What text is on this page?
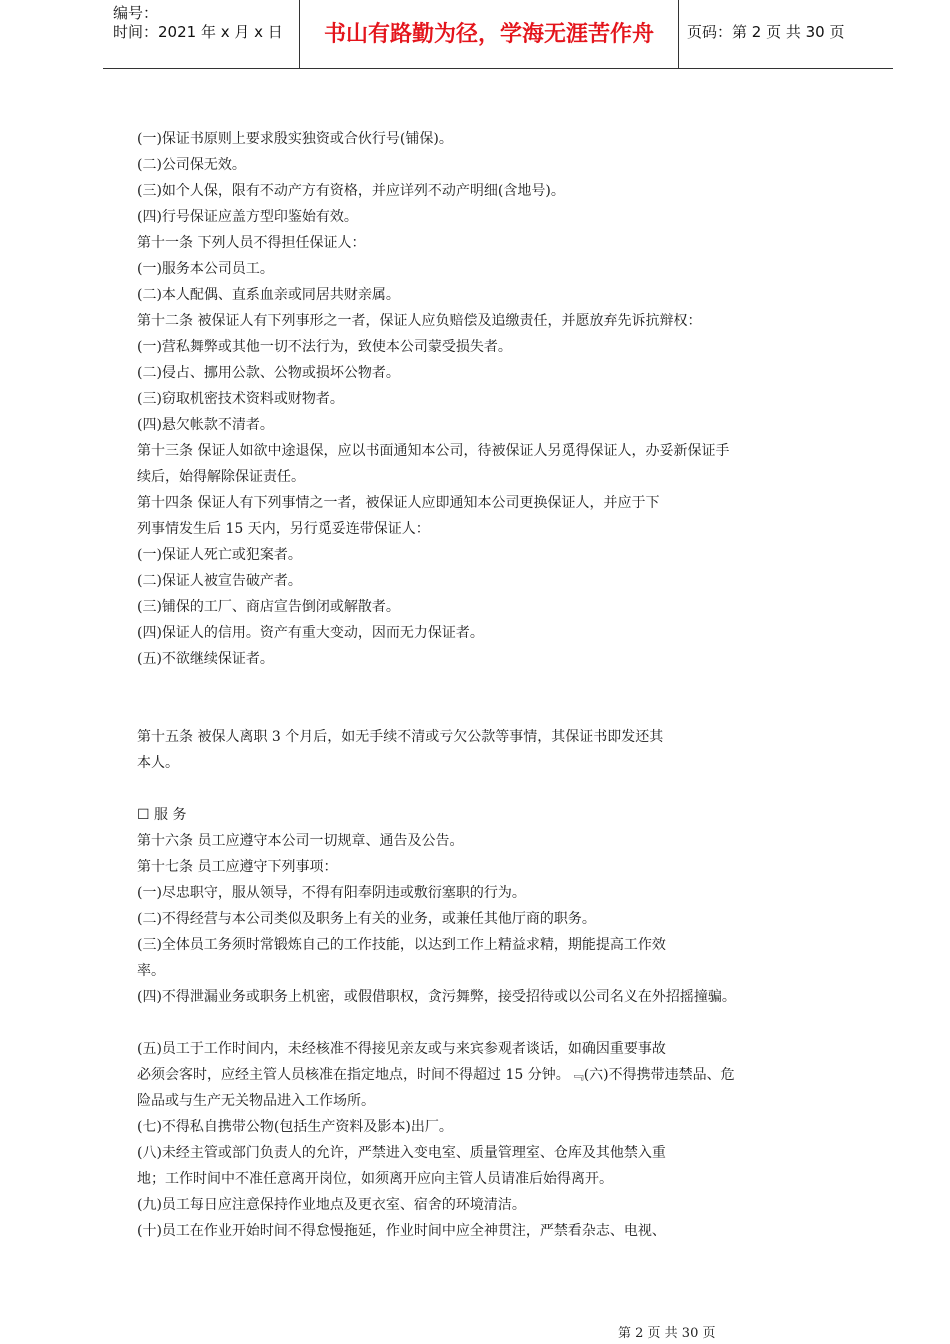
编号：
时间：2021 年 x 月 x 日	书山有路勤为径，学海无涯苦作舟	页码：第 2 页 共 30 页
(一)保证书原则上要求殷实独资或合伙行号(铺保)。
(二)公司保无效。
(三)如个人保，限有不动产方有资格，并应详列不动产明细(含地号)。
(四)行号保证应盖方型印鉴始有效。
第十一条 下列人员不得担任保证人：
(一)服务本公司员工。
(二)本人配偶、直系血亲或同居共财亲属。
第十二条 被保证人有下列事形之一者，保证人应负赔偿及追缴责任，并愿放弃先诉抗辩权：
(一)营私舞弊或其他一切不法行为，致使本公司蒙受损失者。
(二)侵占、挪用公款、公物或损坏公物者。
(三)窃取机密技术资料或财物者。
(四)悬欠帐款不清者。
第十三条 保证人如欲中途退保，应以书面通知本公司，待被保证人另觅得保证人，办妥新保证手
续后，始得解除保证责任。
第十四条 保证人有下列事情之一者，被保证人应即通知本公司更换保证人，并应于下
列事情发生后 15 天内，另行觅妥连带保证人：
(一)保证人死亡或犯案者。
(二)保证人被宣告破产者。
(三)铺保的工厂、商店宣告倒闭或解散者。
(四)保证人的信用。资产有重大变动，因而无力保证者。
(五)不欲继续保证者。
第十五条 被保人离职 3 个月后，如无手续不清或亏欠公款等事情，其保证书即发还其
本人。
☐ 服 务
第十六条 员工应遵守本公司一切规章、通告及公告。
第十七条 员工应遵守下列事项：
(一)尽忠职守，服从领导，不得有阳奉阴违或敷衍塞职的行为。
(二)不得经营与本公司类似及职务上有关的业务，或兼任其他厅商的职务。
(三)全体员工务须时常锻炼自己的工作技能，以达到工作上精益求精，期能提高工作效
率。
(四)不得泄漏业务或职务上机密，或假借职权，贪污舞弊，接受招待或以公司名义在外招摇撞骗。
(五)员工于工作时间内，未经核准不得接见亲友或与来宾参观者谈话，如确因重要事故
必须会客时，应经主管人员核准在指定地点，时间不得超过 15 分钟。﹃(六)不得携带违禁品、危
险品或与生产无关物品进入工作场所。
(七)不得私自携带公物(包括生产资料及影本)出厂。
(八)未经主管或部门负责人的允许，严禁进入变电室、质量管理室、仓库及其他禁入重
地；工作时间中不准任意离开岗位，如须离开应向主管人员请准后始得离开。
(九)员工每日应注意保持作业地点及更衣室、宿舍的环境清洁。
(十)员工在作业开始时间不得怠慢拖延，作业时间中应全神贯注，严禁看杂志、电视、
第 2 页 共 30 页
